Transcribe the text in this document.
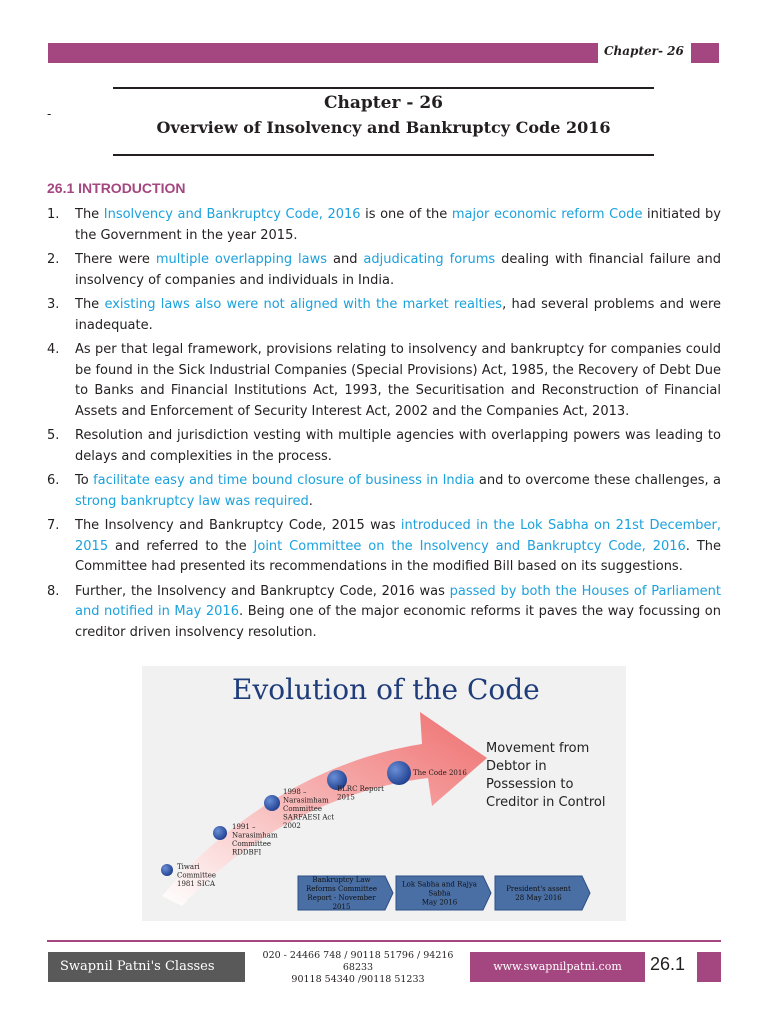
Chapter- 26
-
Chapter - 26
Overview of Insolvency and Bankruptcy Code 2016
26.1 INTRODUCTION
1. The Insolvency and Bankruptcy Code, 2016 is one of the major economic reform Code initiated by the Government in the year 2015.

2. There were multiple overlapping laws and adjudicating forums dealing with financial failure and insolvency of companies and individuals in India.

3. The existing laws also were not aligned with the market realties, had several problems and were inadequate.

4. As per that legal framework, provisions relating to insolvency and bankruptcy for companies could be found in the Sick Industrial Companies (Special Provisions) Act, 1985, the Recovery of Debt Due to Banks and Financial Institutions Act, 1993, the Securitisation and Reconstruction of Financial Assets and Enforcement of Security Interest Act, 2002 and the Companies Act, 2013.

5. Resolution and jurisdiction vesting with multiple agencies with overlapping powers was leading to delays and complexities in the process.

6. To facilitate easy and time bound closure of business in India and to overcome these challenges, a strong bankruptcy law was required.

7. The Insolvency and Bankruptcy Code, 2015 was introduced in the Lok Sabha on 21st December, 2015 and referred to the Joint Committee on the Insolvency and Bankruptcy Code, 2016. The Committee had presented its recommendations in the modified Bill based on its suggestions.

8. Further, the Insolvency and Bankruptcy Code, 2016 was passed by both the Houses of Parliament and notified in May 2016. Being one of the major economic reforms it paves the way focussing on creditor driven insolvency resolution.

Evolution of the Code
Movement from
Debtor in
Possession to
Creditor in Control
Tiwari
Committee
1981 SICA
1991 –
Narasimham
Committee
RDDBFI
1998 –
Narasimham
Committee
SARFAESI Act
2002
BLRC Report
2015
The Code 2016
Bankruptcy Law
Reforms Committee
Report - November
2015
Lok Sabha and Rajya
Sabha
May 2016
President's assent
28 May 2016
Swapnil Patni's Classes
020 - 24466 748 / 90118 51796 / 94216 68233
90118 54340 /90118 51233
www.swapnilpatni.com	26.1
